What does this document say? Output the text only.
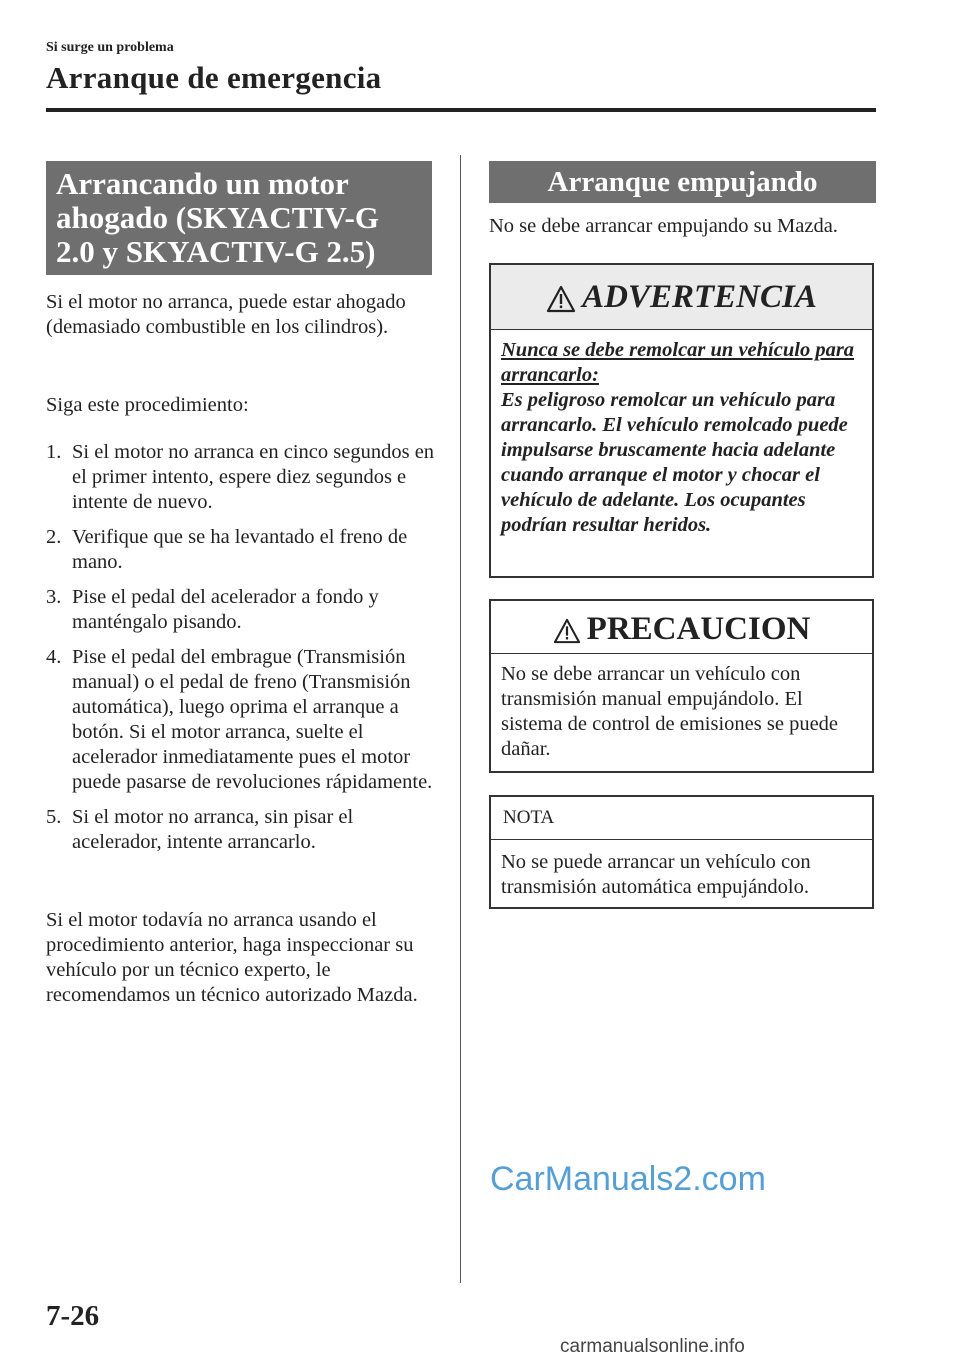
Si surge un problema
Arranque de emergencia
Arrancando un motor ahogado (SKYACTIV-G 2.0 y SKYACTIV-G 2.5)

Si el motor no arranca, puede estar ahogado (demasiado combustible en los cilindros).

Siga este procedimiento:

1. Si el motor no arranca en cinco segundos en el primer intento, espere diez segundos e intente de nuevo.
2. Verifique que se ha levantado el freno de mano.
3. Pise el pedal del acelerador a fondo y manténgalo pisando.
4. Pise el pedal del embrague (Transmisión manual) o el pedal de freno (Transmisión automática), luego oprima el arranque a botón. Si el motor arranca, suelte el acelerador inmediatamente pues el motor puede pasarse de revoluciones rápidamente.
5. Si el motor no arranca, sin pisar el acelerador, intente arrancarlo.

Si el motor todavía no arranca usando el procedimiento anterior, haga inspeccionar su vehículo por un técnico experto, le recomendamos un técnico autorizado Mazda.

Arranque empujando

No se debe arrancar empujando su Mazda.

ADVERTENCIA
Nunca se debe remolcar un vehículo para arrancarlo:
Es peligroso remolcar un vehículo para arrancarlo. El vehículo remolcado puede impulsarse bruscamente hacia adelante cuando arranque el motor y chocar el vehículo de adelante. Los ocupantes podrían resultar heridos.
PRECAUCION
No se debe arrancar un vehículo con transmisión manual empujándolo. El sistema de control de emisiones se puede dañar.
NOTA
No se puede arrancar un vehículo con transmisión automática empujándolo.
CarManuals2.com
7-26
carmanualsonline.info
